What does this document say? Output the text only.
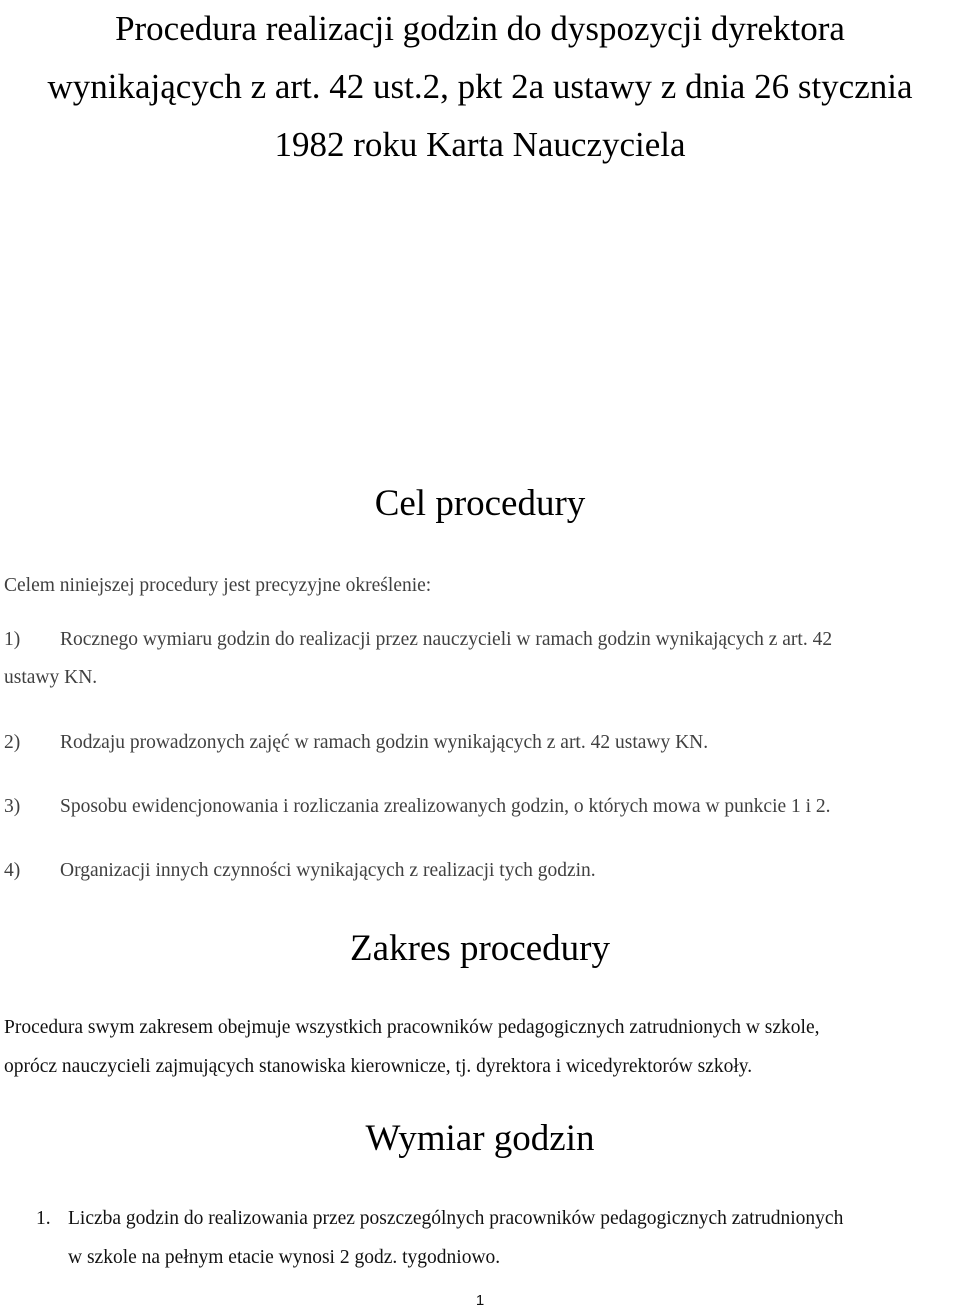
Procedura realizacji godzin do dyspozycji dyrektora
wynikających z art. 42 ust.2, pkt 2a ustawy z dnia 26 stycznia
1982 roku Karta Nauczyciela
Cel procedury

Celem niniejszej procedury jest precyzyjne określenie:

1) Rocznego wymiaru godzin do realizacji przez nauczycieli w ramach godzin wynikających z art. 42
ustawy KN.
2) Rodzaju prowadzonych zajęć w ramach godzin wynikających z art. 42 ustawy KN.
3) Sposobu ewidencjonowania i rozliczania zrealizowanych godzin, o których mowa w punkcie 1 i 2.
4) Organizacji innych czynności wynikających z realizacji tych godzin.
Zakres procedury
Procedura swym zakresem obejmuje wszystkich pracowników pedagogicznych zatrudnionych w szkole,
oprócz nauczycieli zajmujących stanowiska kierownicze, tj. dyrektora i wicedyrektorów szkoły.
Wymiar godzin
1. Liczba godzin do realizowania przez poszczególnych pracowników pedagogicznych zatrudnionych
w szkole na pełnym etacie wynosi 2 godz. tygodniowo.
1
